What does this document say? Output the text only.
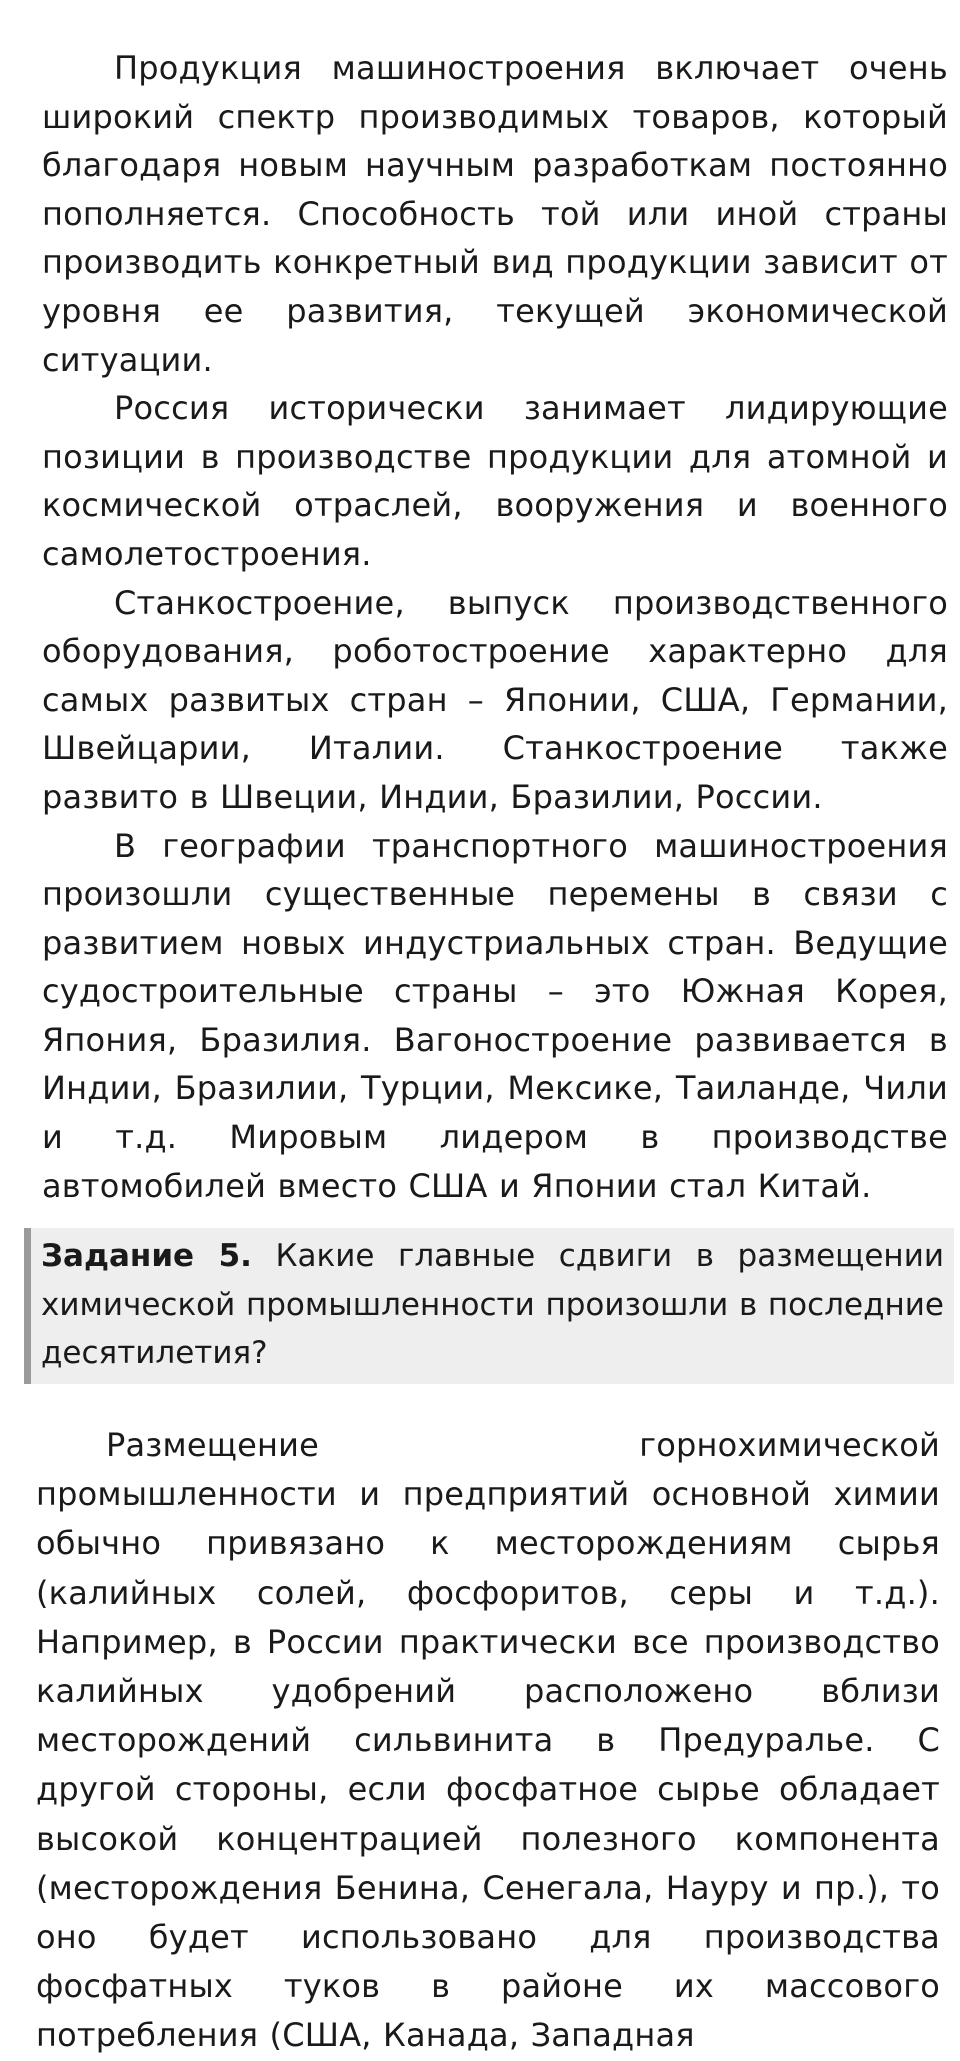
Продукция машиностроения включает очень широкий спектр производимых товаров, который благодаря новым научным разработкам постоянно пополняется. Способность той или иной страны производить конкретный вид продукции зависит от уровня ее развития, текущей экономической ситуации.

Россия исторически занимает лидирующие позиции в производстве продукции для атомной и космической отраслей, вооружения и военного самолетостроения.

Станкостроение, выпуск производственного оборудования, роботостроение характерно для самых развитых стран – Японии, США, Германии, Швейцарии, Италии. Станкостроение также развито в Швеции, Индии, Бразилии, России.

В географии транспортного машиностроения произошли существенные перемены в связи с развитием новых индустриальных стран. Ведущие судостроительные страны – это Южная Корея, Япония, Бразилия. Вагоностроение развивается в Индии, Бразилии, Турции, Мексике, Таиланде, Чили и т.д. Мировым лидером в производстве автомобилей вместо США и Японии стал Китай.

Задание 5. Какие главные сдвиги в размещении химической промышленности произошли в последние десятилетия?

Размещение горнохимической промышленности и предприятий основной химии обычно привязано к месторождениям сырья (калийных солей, фосфоритов, серы и т.д.). Например, в России практически все производство калийных удобрений расположено вблизи месторождений сильвинита в Предуралье. С другой стороны, если фосфатное сырье обладает высокой концентрацией полезного компонента (месторождения Бенина, Сенегала, Науру и пр.), то оно будет использовано для производства фосфатных туков в районе их массового потребления (США, Канада, Западная
